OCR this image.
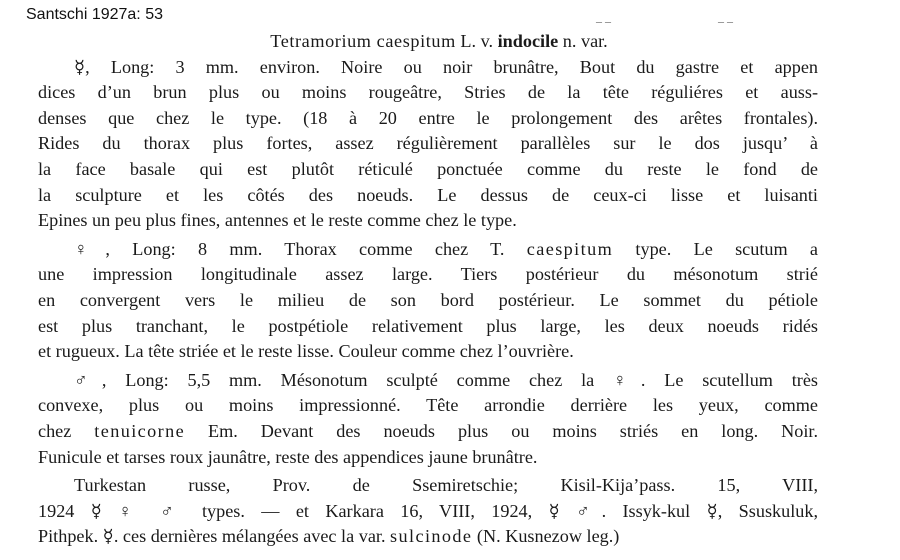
Santschi 1927a: 53	‒ ‒	‒ ‒
Tetramorium caespitum L. v. indocile n. var.
☿, Long: 3 mm. environ. Noire ou noir brunâtre, Bout du gastre et appen
dices d’un brun plus ou moins rougeâtre, Stries de la tête réguliéres et auss-
denses que chez le type. (18 à 20 entre le prolongement des arêtes frontales).
Rides du thorax plus fortes, assez régulièrement parallèles sur le dos jusqu’ à
la face basale qui est plutôt réticulé ponctuée comme du reste le fond de
la sculpture et les côtés des noeuds. Le dessus de ceux-ci lisse et luisanti
Epines un peu plus fines, antennes et le reste comme chez le type.
♀, Long: 8 mm. Thorax comme chez T. caespitum type. Le scutum a
une impression longitudinale assez large. Tiers postérieur du mésonotum strié
en convergent vers le milieu de son bord postérieur. Le sommet du pétiole
est plus tranchant, le postpétiole relativement plus large, les deux noeuds ridés
et rugueux. La tête striée et le reste lisse. Couleur comme chez l’ouvrière.
♂, Long: 5,5 mm. Mésonotum sculpté comme chez la ♀. Le scutellum très
convexe, plus ou moins impressionné. Tête arrondie derrière les yeux, comme
chez tenuicorne Em. Devant des noeuds plus ou moins striés en long. Noir.
Funicule et tarses roux jaunâtre, reste des appendices jaune brunâtre.
Turkestan russe, Prov. de Ssemiretschie; Kisil-Kija’pass. 15, VIII,
1924 ☿ ♀ ♂ types. — et Karkara 16, VIII, 1924, ☿ ♂. Issyk-kul ☿, Ssuskuluk,
Pithpek. ☿. ces dernières mélangées avec la var. sulcinode (N. Kusnezow leg.)
